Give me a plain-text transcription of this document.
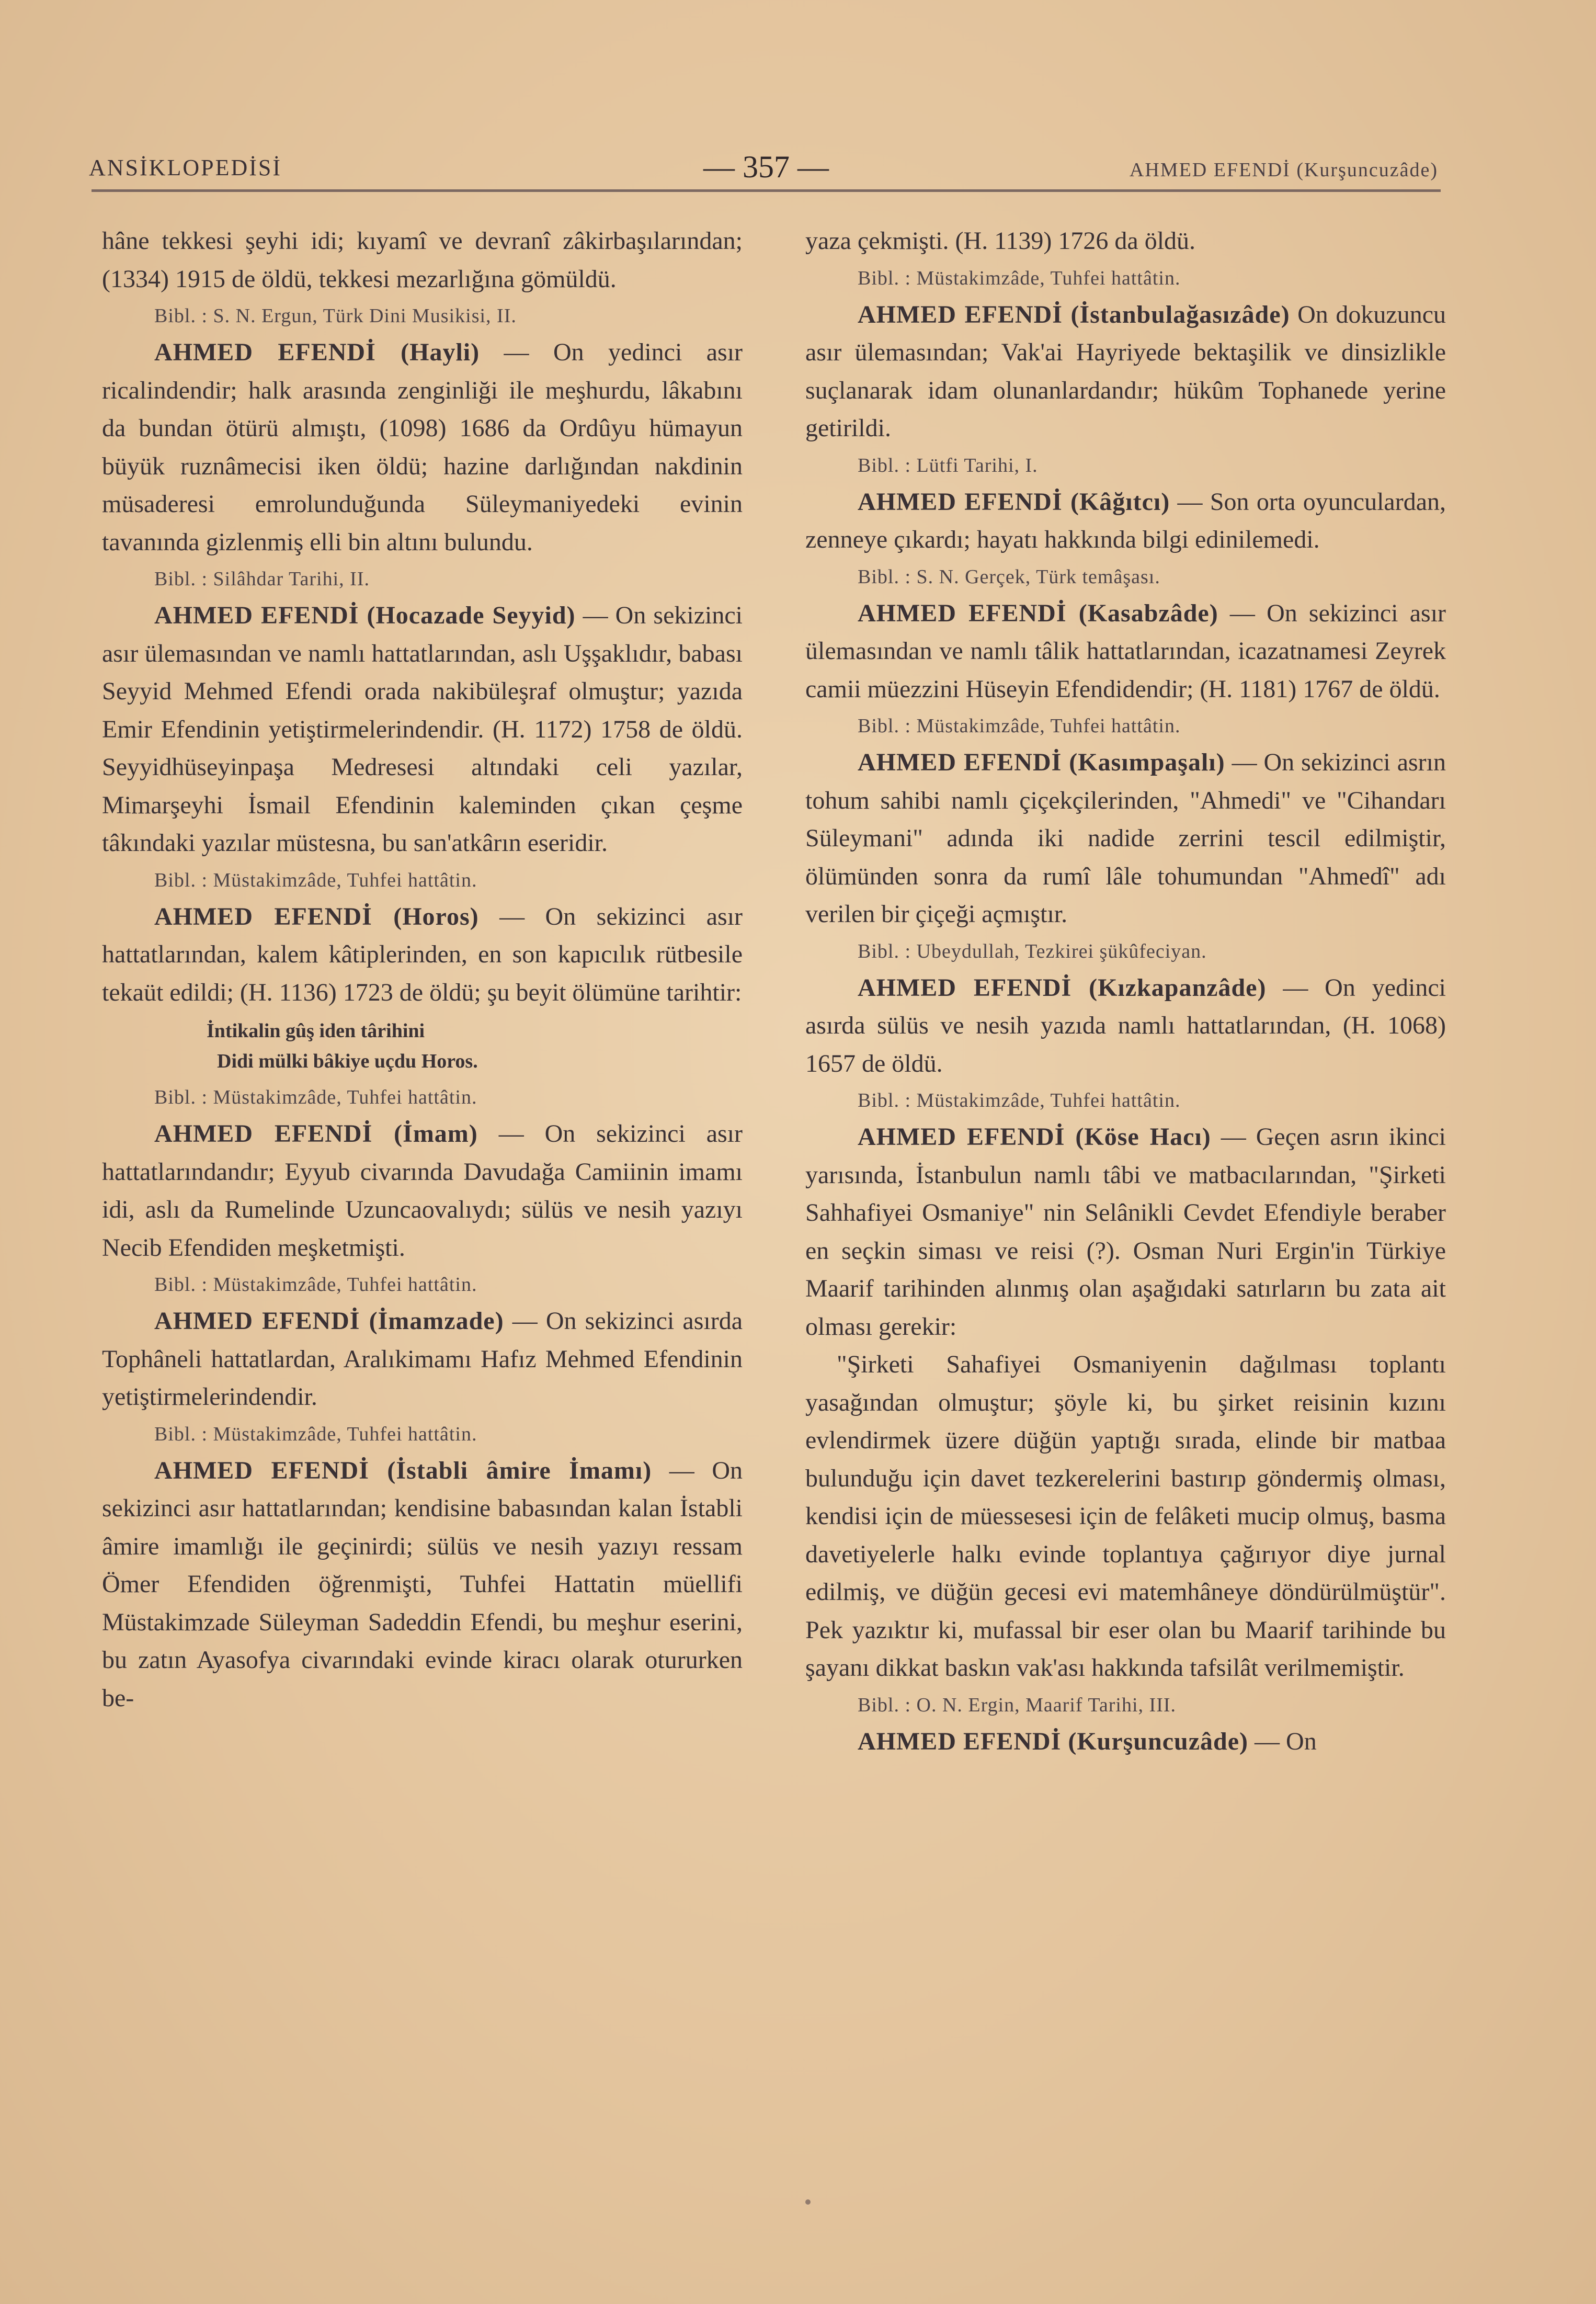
ANSİKLOPEDİSİ	— 357 —	AHMED EFENDİ (Kurşuncuzâde)

hâne tekkesi şeyhi idi; kıyamî ve devranî zâkirbaşılarından; (1334) 1915 de öldü, tekkesi mezarlığına gömüldü.

Bibl. : S. N. Ergun, Türk Dini Musikisi, II.

AHMED EFENDİ (Hayli) — On yedinci asır ricalindendir; halk arasında zenginliği ile meşhurdu, lâkabını da bundan ötürü almıştı, (1098) 1686 da Ordûyu hümayun büyük ruznâmecisi iken öldü; hazine darlığından nakdinin müsaderesi emrolunduğunda Süleymaniyedeki evinin tavanında gizlenmiş elli bin altını bulundu.

Bibl. : Silâhdar Tarihi, II.

AHMED EFENDİ (Hocazade Seyyid) — On sekizinci asır ülemasından ve namlı hattatlarından, aslı Uşşaklıdır, babası Seyyid Mehmed Efendi orada nakibüleşraf olmuştur; yazıda Emir Efendinin yetiştirmelerindendir. (H. 1172) 1758 de öldü. Seyyidhüseyinpaşa Medresesi altındaki celi yazılar, Mimarşeyhi İsmail Efendinin kaleminden çıkan çeşme tâkındaki yazılar müstesna, bu san'atkârın eseridir.

Bibl. : Müstakimzâde, Tuhfei hattâtin.

AHMED EFENDİ (Horos) — On sekizinci asır hattatlarından, kalem kâtiplerinden, en son kapıcılık rütbesile tekaüt edildi; (H. 1136) 1723 de öldü; şu beyit ölümüne tarihtir:

İntikalin gûş iden târihini
Didi mülki bâkiye uçdu Horos.

Bibl. : Müstakimzâde, Tuhfei hattâtin.

AHMED EFENDİ (İmam) — On sekizinci asır hattatlarındandır; Eyyub civarında Davudağa Camiinin imamı idi, aslı da Rumelinde Uzuncaovalıydı; sülüs ve nesih yazıyı Necib Efendiden meşketmişti.

Bibl. : Müstakimzâde, Tuhfei hattâtin.

AHMED EFENDİ (İmamzade) — On sekizinci asırda Tophâneli hattatlardan, Aralıkimamı Hafız Mehmed Efendinin yetiştirmelerindendir.

Bibl. : Müstakimzâde, Tuhfei hattâtin.

AHMED EFENDİ (İstabli âmire İmamı) — On sekizinci asır hattatlarından; kendisine babasından kalan İstabli âmire imamlığı ile geçinirdi; sülüs ve nesih yazıyı ressam Ömer Efendiden öğrenmişti, Tuhfei Hattatin müellifi Müstakimzade Süleyman Sadeddin Efendi, bu meşhur eserini, bu zatın Ayasofya civarındaki evinde kiracı olarak otururken be-

yaza çekmişti. (H. 1139) 1726 da öldü.

Bibl. : Müstakimzâde, Tuhfei hattâtin.

AHMED EFENDİ (İstanbulağasızâde) On dokuzuncu asır ülemasından; Vak'ai Hayriyede bektaşilik ve dinsizlikle suçlanarak idam olunanlardandır; hükûm Tophanede yerine getirildi.

Bibl. : Lütfi Tarihi, I.

AHMED EFENDİ (Kâğıtcı) — Son orta oyunculardan, zenneye çıkardı; hayatı hakkında bilgi edinilemedi.

Bibl. : S. N. Gerçek, Türk temâşası.

AHMED EFENDİ (Kasabzâde) — On sekizinci asır ülemasından ve namlı tâlik hattatlarından, icazatnamesi Zeyrek camii müezzini Hüseyin Efendidendir; (H. 1181) 1767 de öldü.

Bibl. : Müstakimzâde, Tuhfei hattâtin.

AHMED EFENDİ (Kasımpaşalı) — On sekizinci asrın tohum sahibi namlı çiçekçilerinden, "Ahmedi" ve "Cihandarı Süleymani" adında iki nadide zerrini tescil edilmiştir, ölümünden sonra da rumî lâle tohumundan "Ahmedî" adı verilen bir çiçeği açmıştır.

Bibl. : Ubeydullah, Tezkirei şükûfeciyan.

AHMED EFENDİ (Kızkapanzâde) — On yedinci asırda sülüs ve nesih yazıda namlı hattatlarından, (H. 1068) 1657 de öldü.

Bibl. : Müstakimzâde, Tuhfei hattâtin.

AHMED EFENDİ (Köse Hacı) — Geçen asrın ikinci yarısında, İstanbulun namlı tâbi ve matbacılarından, "Şirketi Sahhafiyei Osmaniye" nin Selânikli Cevdet Efendiyle beraber en seçkin siması ve reisi (?). Osman Nuri Ergin'in Türkiye Maarif tarihinden alınmış olan aşağıdaki satırların bu zata ait olması gerekir:

"Şirketi Sahafiyei Osmaniyenin dağılması toplantı yasağından olmuştur; şöyle ki, bu şirket reisinin kızını evlendirmek üzere düğün yaptığı sırada, elinde bir matbaa bulunduğu için davet tezkerelerini bastırıp göndermiş olması, kendisi için de müessesesi için de felâketi mucip olmuş, basma davetiyelerle halkı evinde toplantıya çağırıyor diye jurnal edilmiş, ve düğün gecesi evi matemhâneye döndürülmüştür". Pek yazıktır ki, mufassal bir eser olan bu Maarif tarihinde bu şayanı dikkat baskın vak'ası hakkında tafsilât verilmemiştir.

Bibl. : O. N. Ergin, Maarif Tarihi, III.

AHMED EFENDİ (Kurşuncuzâde) — On
